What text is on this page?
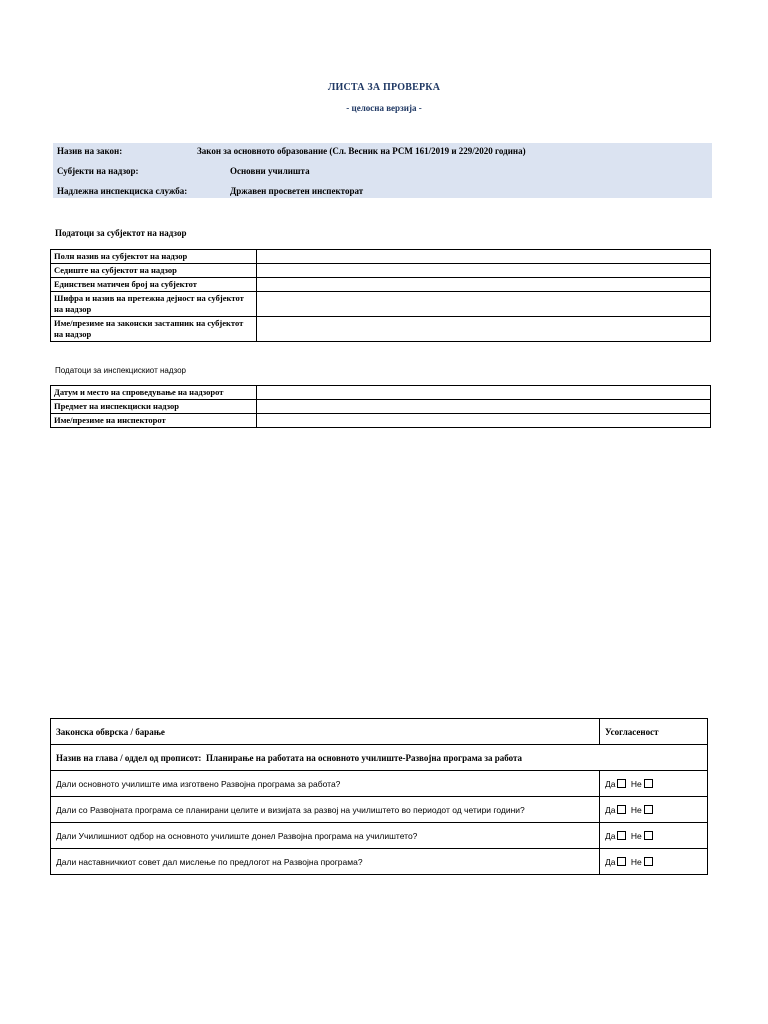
ЛИСТА ЗА ПРОВЕРКА
- целосна верзија -
Назив на закон:	Закон за основното образование (Сл. Весник на РСМ 161/2019 и 229/2020 година)
Субјекти на надзор:	Основни училишта
Надлежна инспекциска служба:	Државен просветен инспекторат
Податоци за субјектот на надзор
Полн назив на субјектот на надзор	
Седиште на субјектот на надзор	
Единствен матичен број на субјектот	
Шифра и назив на претежна дејност на субјектот на надзор	
Име/презиме на законски застапник на субјектот на надзор	
Податоци за инспекцискиот надзор
Датум и место на спроведување на надзорот	
Предмет на инспекциски надзор	
Име/презиме на инспекторот	
Законска обврска / барање	Усогласеност
Назив на глава / оддел од прописот: Планирање на работата на основното училиште-Развојна програма за работа	
Дали основното училиште има изготвено Развојна програма за работа?	Да Не
Дали со Развојната програма се планирани целите и визијата за развој на училиштето во периодот од четири години?	Да Не
Дали Училишниот одбор на основното училиште донел Развојна програма на училиштето?	Да Не
Дали наставничкиот совет дал мислење по предлогот на Развојна програма?	Да Не
